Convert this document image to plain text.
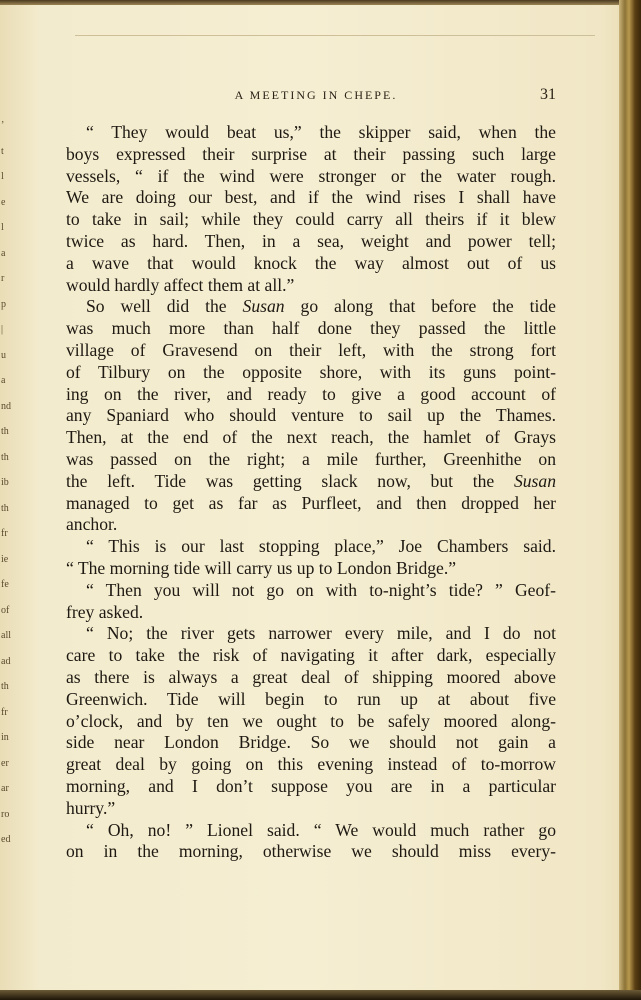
’
t
l
e
l
a
r
p
|
u
a
nd
th
th
ib
th
fr
ie
fe
of
all
ad
th
fr
in
er
ar
ro
ed
A MEETING IN CHEPE.	31
“ They would beat us,” the skipper said, when the
boys expressed their surprise at their passing such large
vessels, “ if the wind were stronger or the water rough.
We are doing our best, and if the wind rises I shall have
to take in sail; while they could carry all theirs if it blew
twice as hard. Then, in a sea, weight and power tell;
a wave that would knock the way almost out of us
would hardly affect them at all.”
So well did the Susan go along that before the tide
was much more than half done they passed the little
village of Gravesend on their left, with the strong fort
of Tilbury on the opposite shore, with its guns point-
ing on the river, and ready to give a good account of
any Spaniard who should venture to sail up the Thames.
Then, at the end of the next reach, the hamlet of Grays
was passed on the right; a mile further, Greenhithe on
the left. Tide was getting slack now, but the Susan
managed to get as far as Purfleet, and then dropped her
anchor.
“ This is our last stopping place,” Joe Chambers said.
“ The morning tide will carry us up to London Bridge.”
“ Then you will not go on with to-night’s tide? ” Geof-
frey asked.
“ No; the river gets narrower every mile, and I do not
care to take the risk of navigating it after dark, especially
as there is always a great deal of shipping moored above
Greenwich. Tide will begin to run up at about five
o’clock, and by ten we ought to be safely moored along-
side near London Bridge. So we should not gain a
great deal by going on this evening instead of to-morrow
morning, and I don’t suppose you are in a particular
hurry.”
“ Oh, no! ” Lionel said. “ We would much rather go
on in the morning, otherwise we should miss every-
